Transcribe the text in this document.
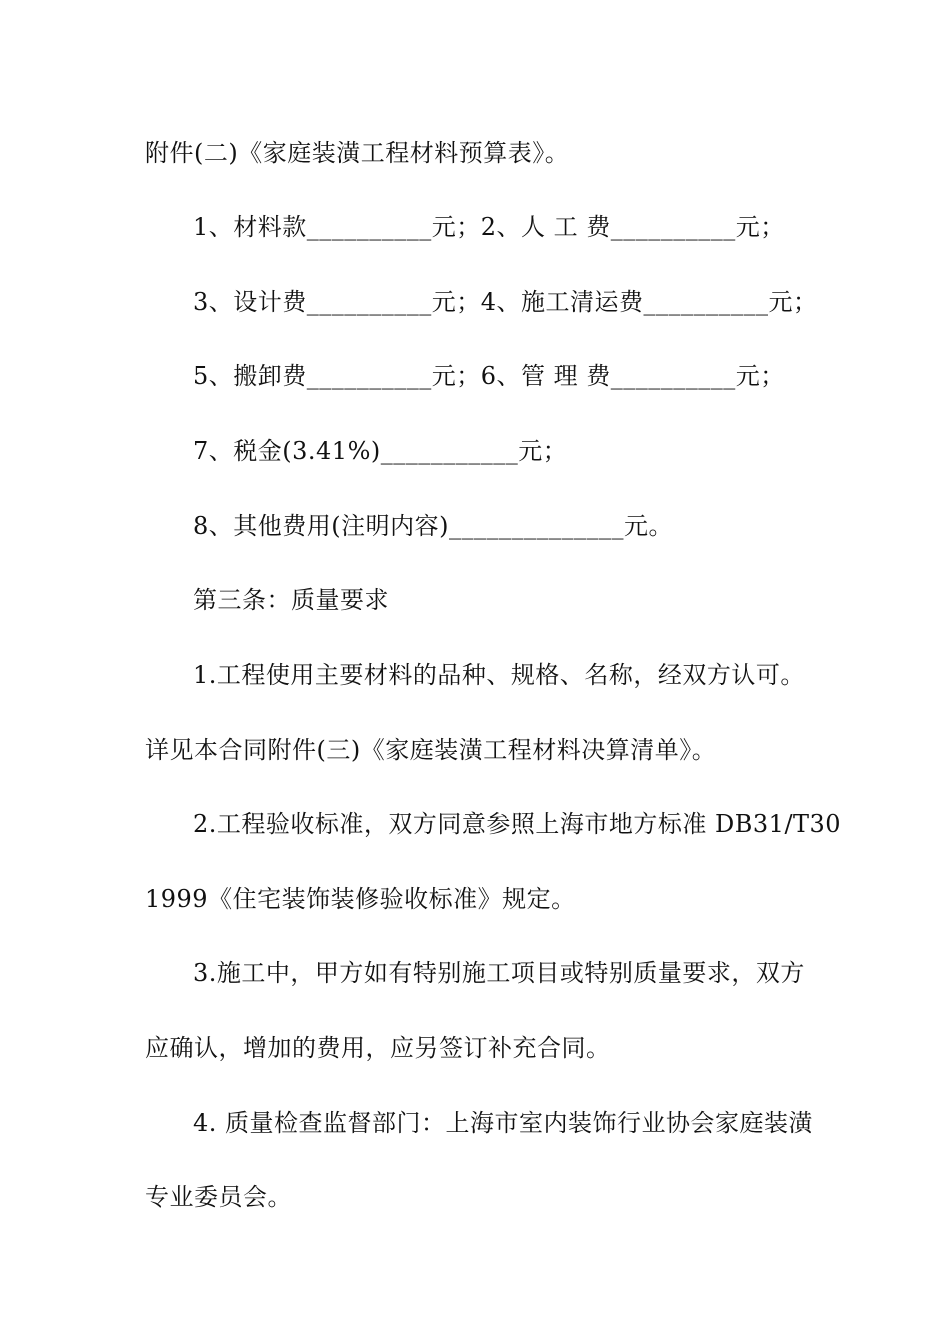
附件(二)《家庭装潢工程材料预算表》。
1、材料款__________元；2、人 工 费__________元；
3、设计费__________元；4、施工清运费__________元；
5、搬卸费__________元；6、管 理 费__________元；
7、税金(3.41%)___________元；
8、其他费用(注明内容)______________元。
第三条：质量要求
1.工程使用主要材料的品种、规格、名称，经双方认可。
详见本合同附件(三)《家庭装潢工程材料决算清单》。
2.工程验收标准，双方同意参照上海市地方标准 DB31/T30
1999《住宅装饰装修验收标准》规定。
3.施工中，甲方如有特别施工项目或特别质量要求，双方
应确认，增加的费用，应另签订补充合同。
4. 质量检查监督部门：上海市室内装饰行业协会家庭装潢
专业委员会。
